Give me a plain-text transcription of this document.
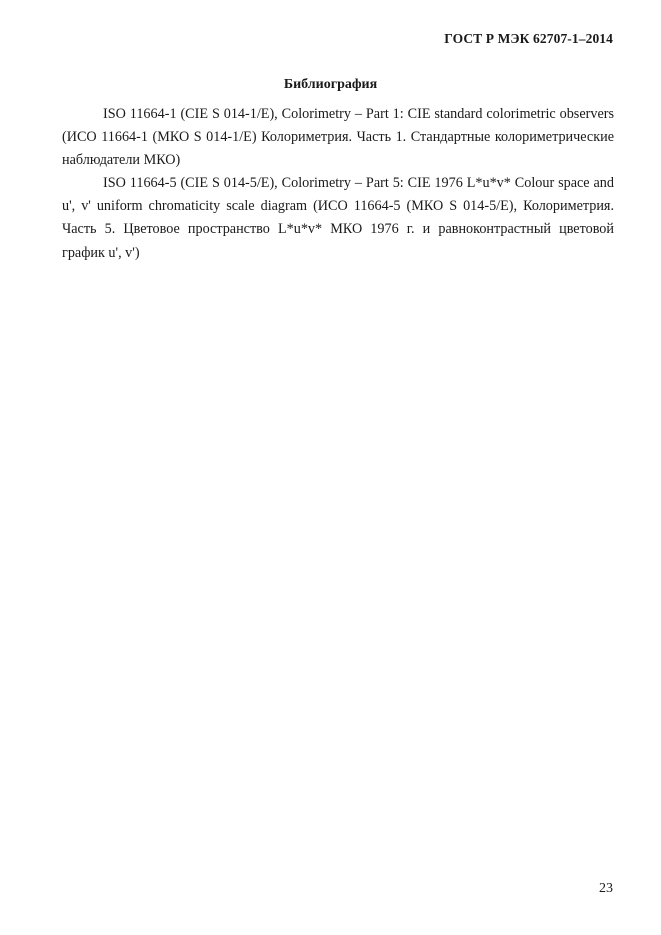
ГОСТ Р МЭК 62707-1–2014
Библиография

ISO 11664-1 (CIE S 014-1/E), Colorimetry – Part 1: CIE standard colorimetric observers (ИСО 11664-1 (МКО S 014-1/E) Колориметрия. Часть 1. Стандартные колориметрические наблюдатели МКО)

ISO 11664-5 (CIE S 014-5/E), Colorimetry – Part 5: CIE 1976 L*u*v* Colour space and u', v' uniform chromaticity scale diagram (ИСО 11664-5 (МКО S 014-5/E), Колориметрия. Часть 5. Цветовое пространство L*u*v* МКО 1976 г. и равноконтрастный цветовой график u', v')

23
